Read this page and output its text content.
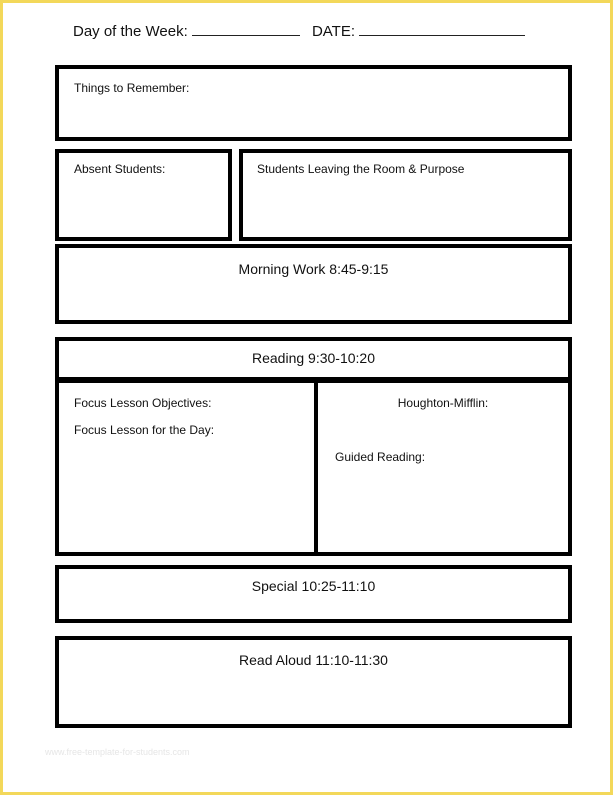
Day of the Week:	DATE:
Things to Remember:
Absent Students:	Students Leaving the Room & Purpose
Morning Work 8:45-9:15
Reading 9:30-10:20
Focus Lesson Objectives:
Focus Lesson for the Day:
Houghton-Mifflin:
Guided Reading:
Special 10:25-11:10
Read Aloud 11:10-11:30
www.free-template-for-students.com
